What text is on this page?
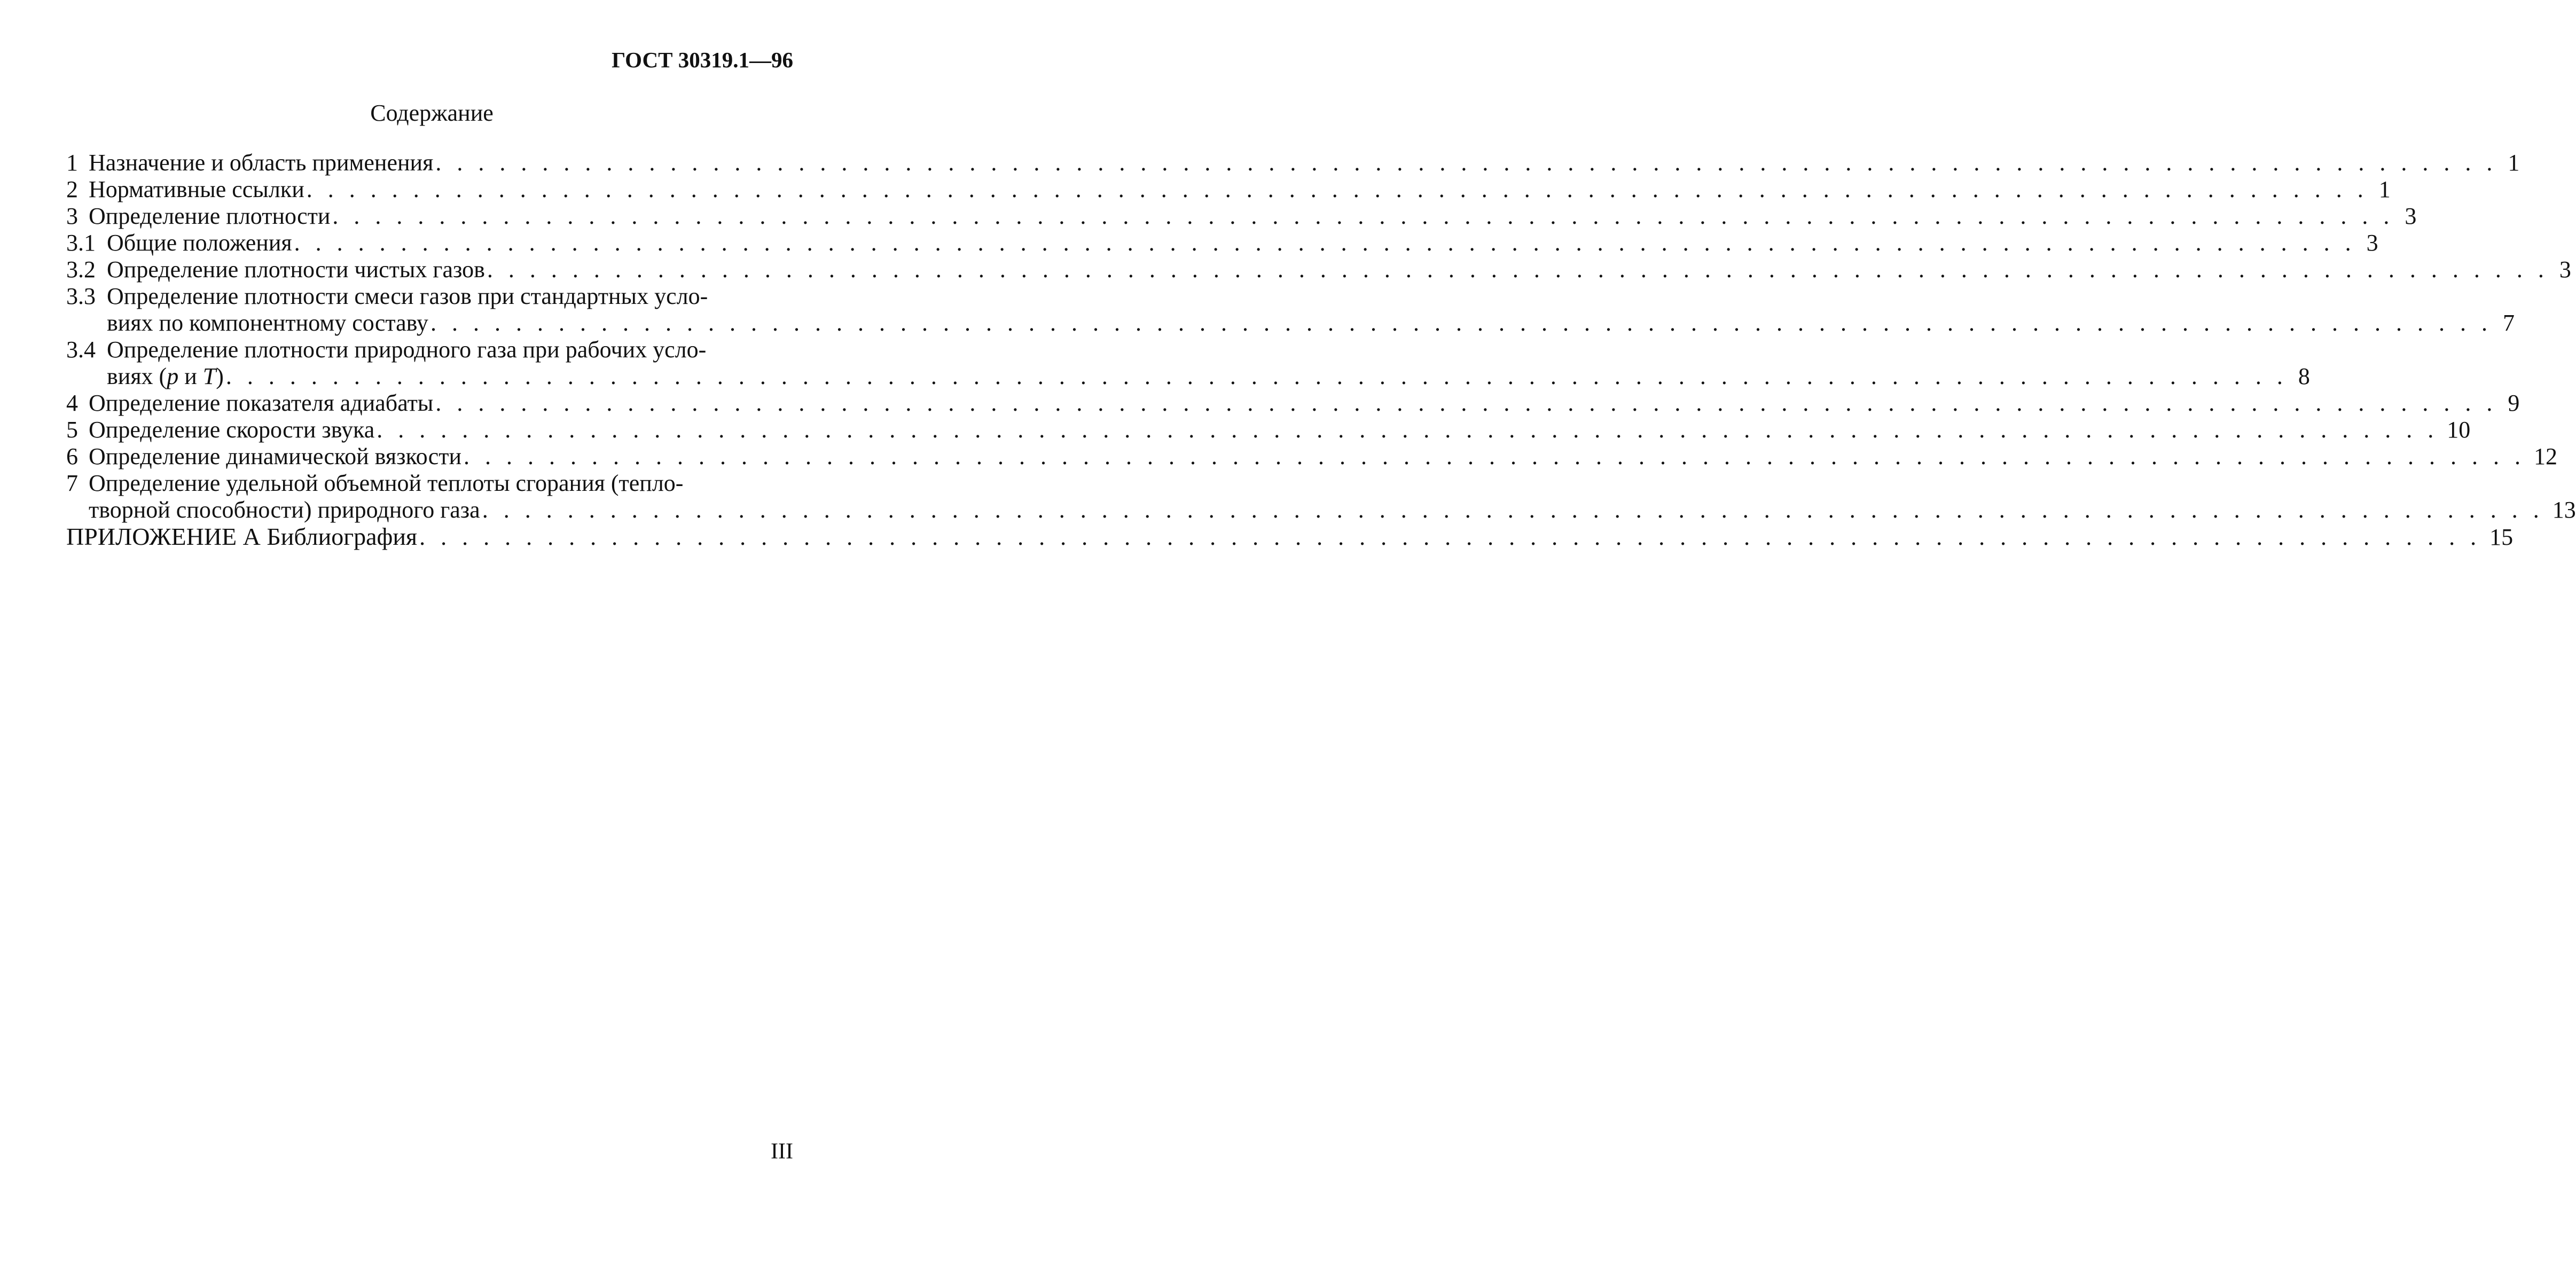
ГОСТ 30319.1—96
Содержание
1 Назначение и область применения . . .	1
2 Нормативные ссылки . . .	1
3 Определение плотности . . .	3
3.1 Общие положения . . .	3
3.2 Определение плотности чистых газов . . .	3
3.3 Определение плотности смеси газов при стандартных усло-
виях по компонентному составу . . .	7
3.4 Определение плотности природного газа при рабочих усло-
виях (p и T) . . .	8
4 Определение показателя адиабаты . . .	9
5 Определение скорости звука . . .	10
6 Определение динамической вязкости . . .	12
7 Определение удельной объемной теплоты сгорания (тепло-
творной способности) природного газа . . .	13
ПРИЛОЖЕНИЕ А Библиография . . .	15
III
